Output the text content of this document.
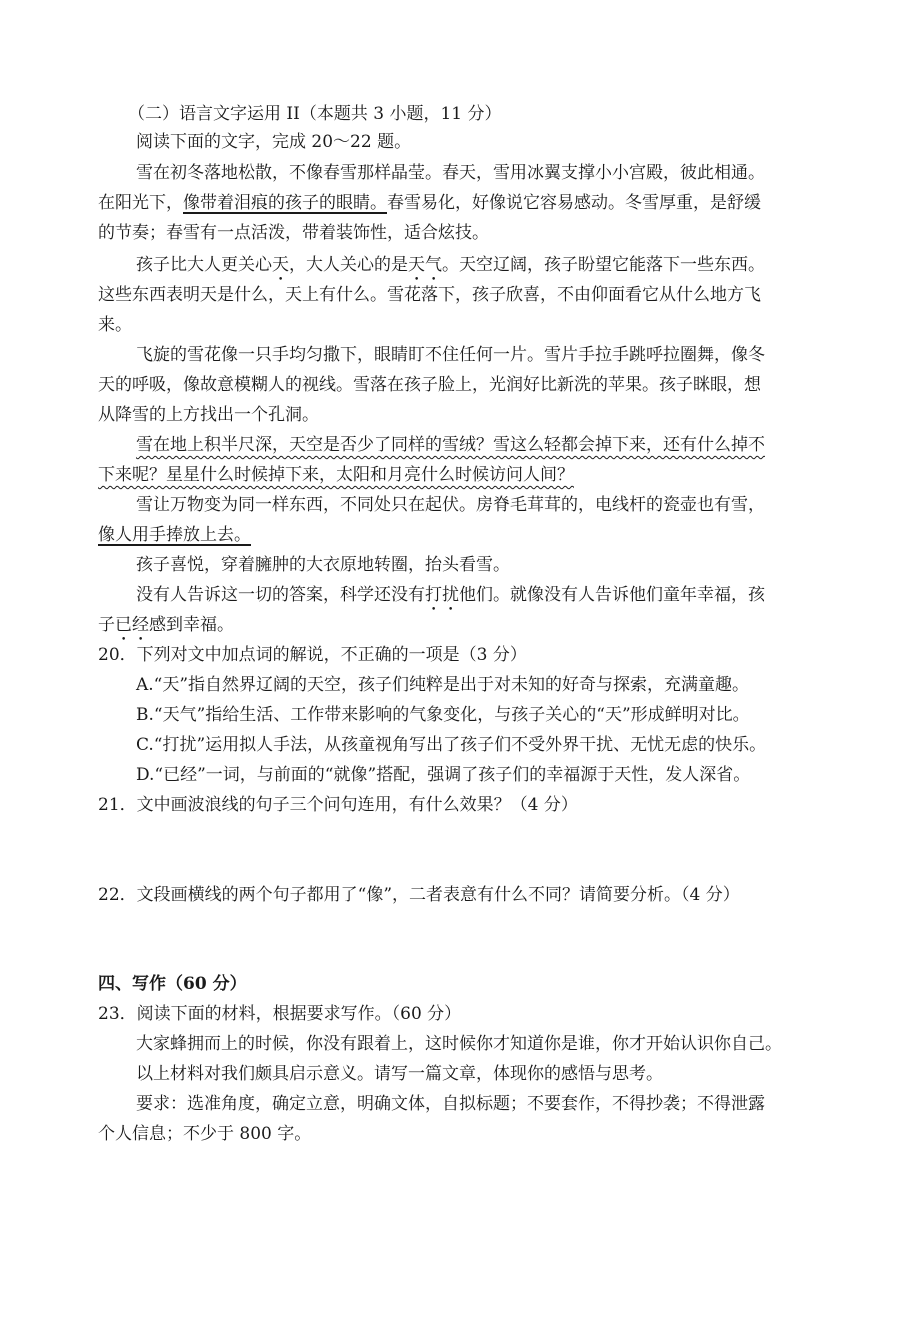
（二）语言文字运用 II（本题共 3 小题，11 分）
阅读下面的文字，完成 20～22 题。
雪在初冬落地松散，不像春雪那样晶莹。春天，雪用冰翼支撑小小宫殿，彼此相通。
在阳光下，像带着泪痕的孩子的眼睛。春雪易化，好像说它容易感动。冬雪厚重，是舒缓
的节奏；春雪有一点活泼，带着装饰性，适合炫技。
孩子比大人更关心天，大人关心的是天气。天空辽阔，孩子盼望它能落下一些东西。
这些东西表明天是什么，天上有什么。雪花落下，孩子欣喜，不由仰面看它从什么地方飞
来。
飞旋的雪花像一只手均匀撒下，眼睛盯不住任何一片。雪片手拉手跳呼拉圈舞，像冬
天的呼吸，像故意模糊人的视线。雪落在孩子脸上，光润好比新洗的苹果。孩子眯眼，想
从降雪的上方找出一个孔洞。
雪在地上积半尺深，天空是否少了同样的雪绒？雪这么轻都会掉下来，还有什么掉不
下来呢？星星什么时候掉下来，太阳和月亮什么时候访问人间？
雪让万物变为同一样东西，不同处只在起伏。房脊毛茸茸的，电线杆的瓷壶也有雪，
像人用手捧放上去。
孩子喜悦，穿着臃肿的大衣原地转圈，抬头看雪。
没有人告诉这一切的答案，科学还没有打扰他们。就像没有人告诉他们童年幸福，孩
子已经感到幸福。
20．下列对文中加点词的解说，不正确的一项是（3 分）
A.“天”指自然界辽阔的天空，孩子们纯粹是出于对未知的好奇与探索，充满童趣。
B.“天气”指给生活、工作带来影响的气象变化，与孩子关心的“天”形成鲜明对比。
C.“打扰”运用拟人手法，从孩童视角写出了孩子们不受外界干扰、无忧无虑的快乐。
D.“已经”一词，与前面的“就像”搭配，强调了孩子们的幸福源于天性，发人深省。
21．文中画波浪线的句子三个问句连用，有什么效果？（4 分）
22．文段画横线的两个句子都用了“像”，二者表意有什么不同？请简要分析。（4 分）
四、写作（60 分）
23．阅读下面的材料，根据要求写作。（60 分）
大家蜂拥而上的时候，你没有跟着上，这时候你才知道你是谁，你才开始认识你自己。
以上材料对我们颇具启示意义。请写一篇文章，体现你的感悟与思考。
要求：选准角度，确定立意，明确文体，自拟标题；不要套作，不得抄袭；不得泄露
个人信息；不少于 800 字。
